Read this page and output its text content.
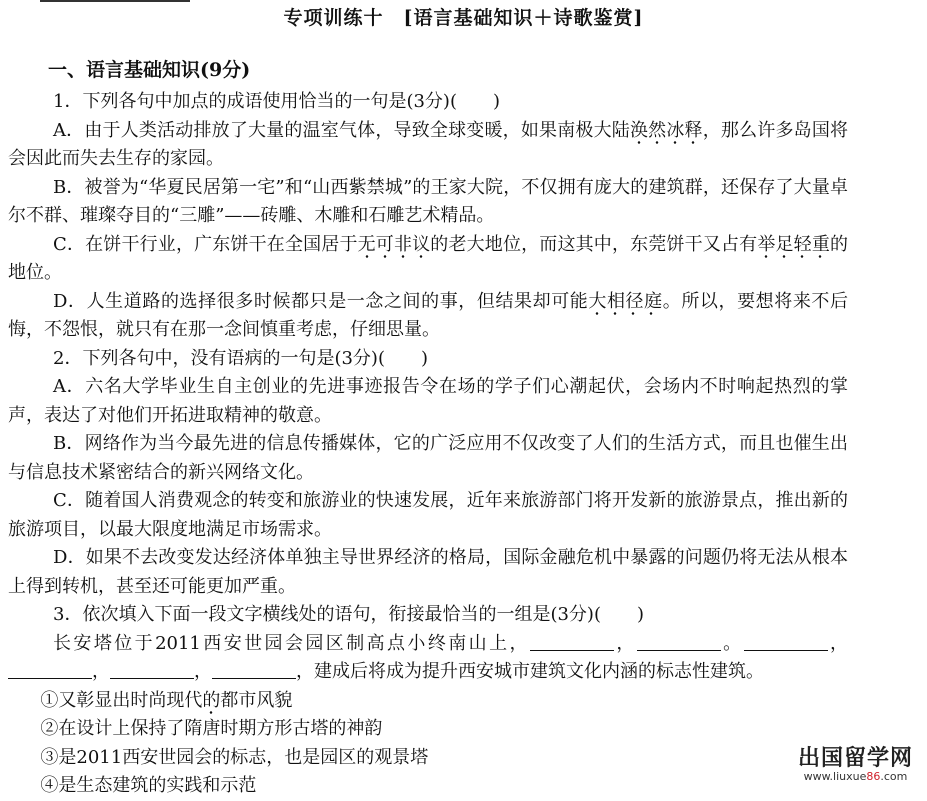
专项训练十　[语言基础知识＋诗歌鉴赏]
一、语言基础知识(9分)

1．下列各句中加点的成语使用恰当的一句是(3分)(　　)

A．由于人类活动排放了大量的温室气体，导致全球变暖，如果南极大陆涣然冰释，那么许多岛国将会因此而失去生存的家园。

B．被誉为“华夏民居第一宅”和“山西紫禁城”的王家大院，不仅拥有庞大的建筑群，还保存了大量卓尔不群、璀璨夺目的“三雕”——砖雕、木雕和石雕艺术精品。

C．在饼干行业，广东饼干在全国居于无可非议的老大地位，而这其中，东莞饼干又占有举足轻重的地位。

D．人生道路的选择很多时候都只是一念之间的事，但结果却可能大相径庭。所以，要想将来不后悔，不怨恨，就只有在那一念间慎重考虑，仔细思量。

2．下列各句中，没有语病的一句是(3分)(　　)

A．六名大学毕业生自主创业的先进事迹报告令在场的学子们心潮起伏，会场内不时响起热烈的掌声，表达了对他们开拓进取精神的敬意。

B．网络作为当今最先进的信息传播媒体，它的广泛应用不仅改变了人们的生活方式，而且也催生出与信息技术紧密结合的新兴网络文化。

C．随着国人消费观念的转变和旅游业的快速发展，近年来旅游部门将开发新的旅游景点，推出新的旅游项目，以最大限度地满足市场需求。

D．如果不去改变发达经济体单独主导世界经济的格局，国际金融危机中暴露的问题仍将无法从根本上得到转机，甚至还可能更加严重。

3．依次填入下面一段文字横线处的语句，衔接最恰当的一组是(3分)(　　)

长安塔位于2011西安世园会园区制高点小终南山上，	，	。	，，	，	，建成后将成为提升西安城市建筑文化内涵的标志性建筑。

①又彰显出时尚现代的都市风貌

②在设计上保持了隋唐时期方形古塔的神韵

③是2011西安世园会的标志，也是园区的观景塔

④是生态建筑的实践和示范

出国留学网
www.liuxue86.com
